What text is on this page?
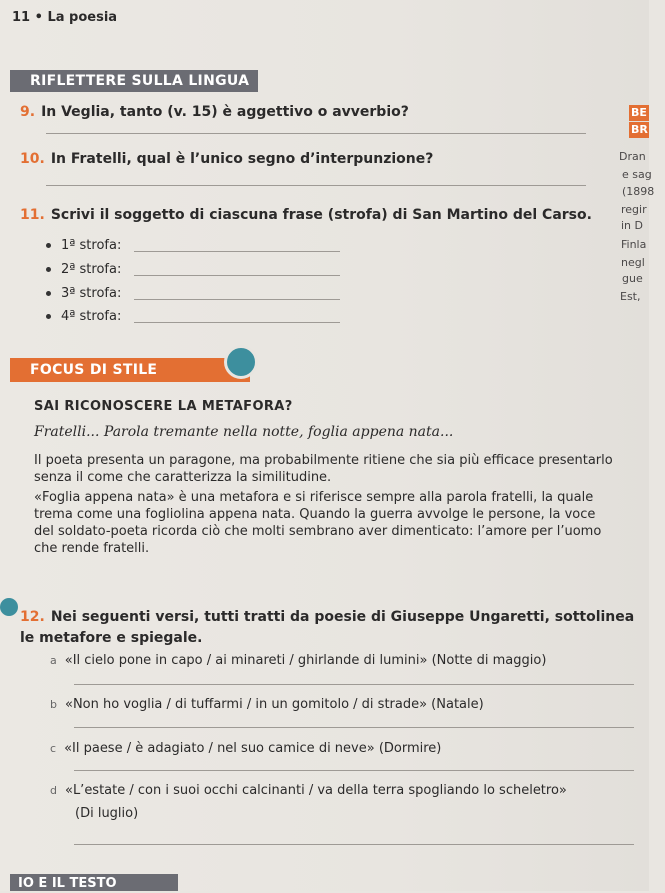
11 • La poesia
RIFLETTERE SULLA LINGUA
9. In Veglia, tanto (v. 15) è aggettivo o avverbio?
10. In Fratelli, qual è l’unico segno d’interpunzione?
11. Scrivi il soggetto di ciascuna frase (strofa) di San Martino del Carso.
1ª strofa:
2ª strofa:
3ª strofa:
4ª strofa:
BE
BR
Dran
e sag
(1898
regir
in D
Finla
negl
gue
Est,
FOCUS DI STILE
SAI RICONOSCERE LA METAFORA?
Fratelli... Parola tremante nella notte, foglia appena nata...
Il poeta presenta un paragone, ma probabilmente ritiene che sia più efficace presentarlo
senza il come che caratterizza la similitudine.
«Foglia appena nata» è una metafora e si riferisce sempre alla parola fratelli, la quale
trema come una fogliolina appena nata. Quando la guerra avvolge le persone, la voce
del soldato-poeta ricorda ciò che molti sembrano aver dimenticato: l’amore per l’uomo
che rende fratelli.
12. Nei seguenti versi, tutti tratti da poesie di Giuseppe Ungaretti, sottolinea
le metafore e spiegale.
a «Il cielo pone in capo / ai minareti / ghirlande di lumini» (Notte di maggio)
b «Non ho voglia / di tuffarmi / in un gomitolo / di strade» (Natale)
c «Il paese / è adagiato / nel suo camice di neve» (Dormire)
d «L’estate / con i suoi occhi calcinanti / va della terra spogliando lo scheletro»
(Di luglio)
IO E IL TESTO
